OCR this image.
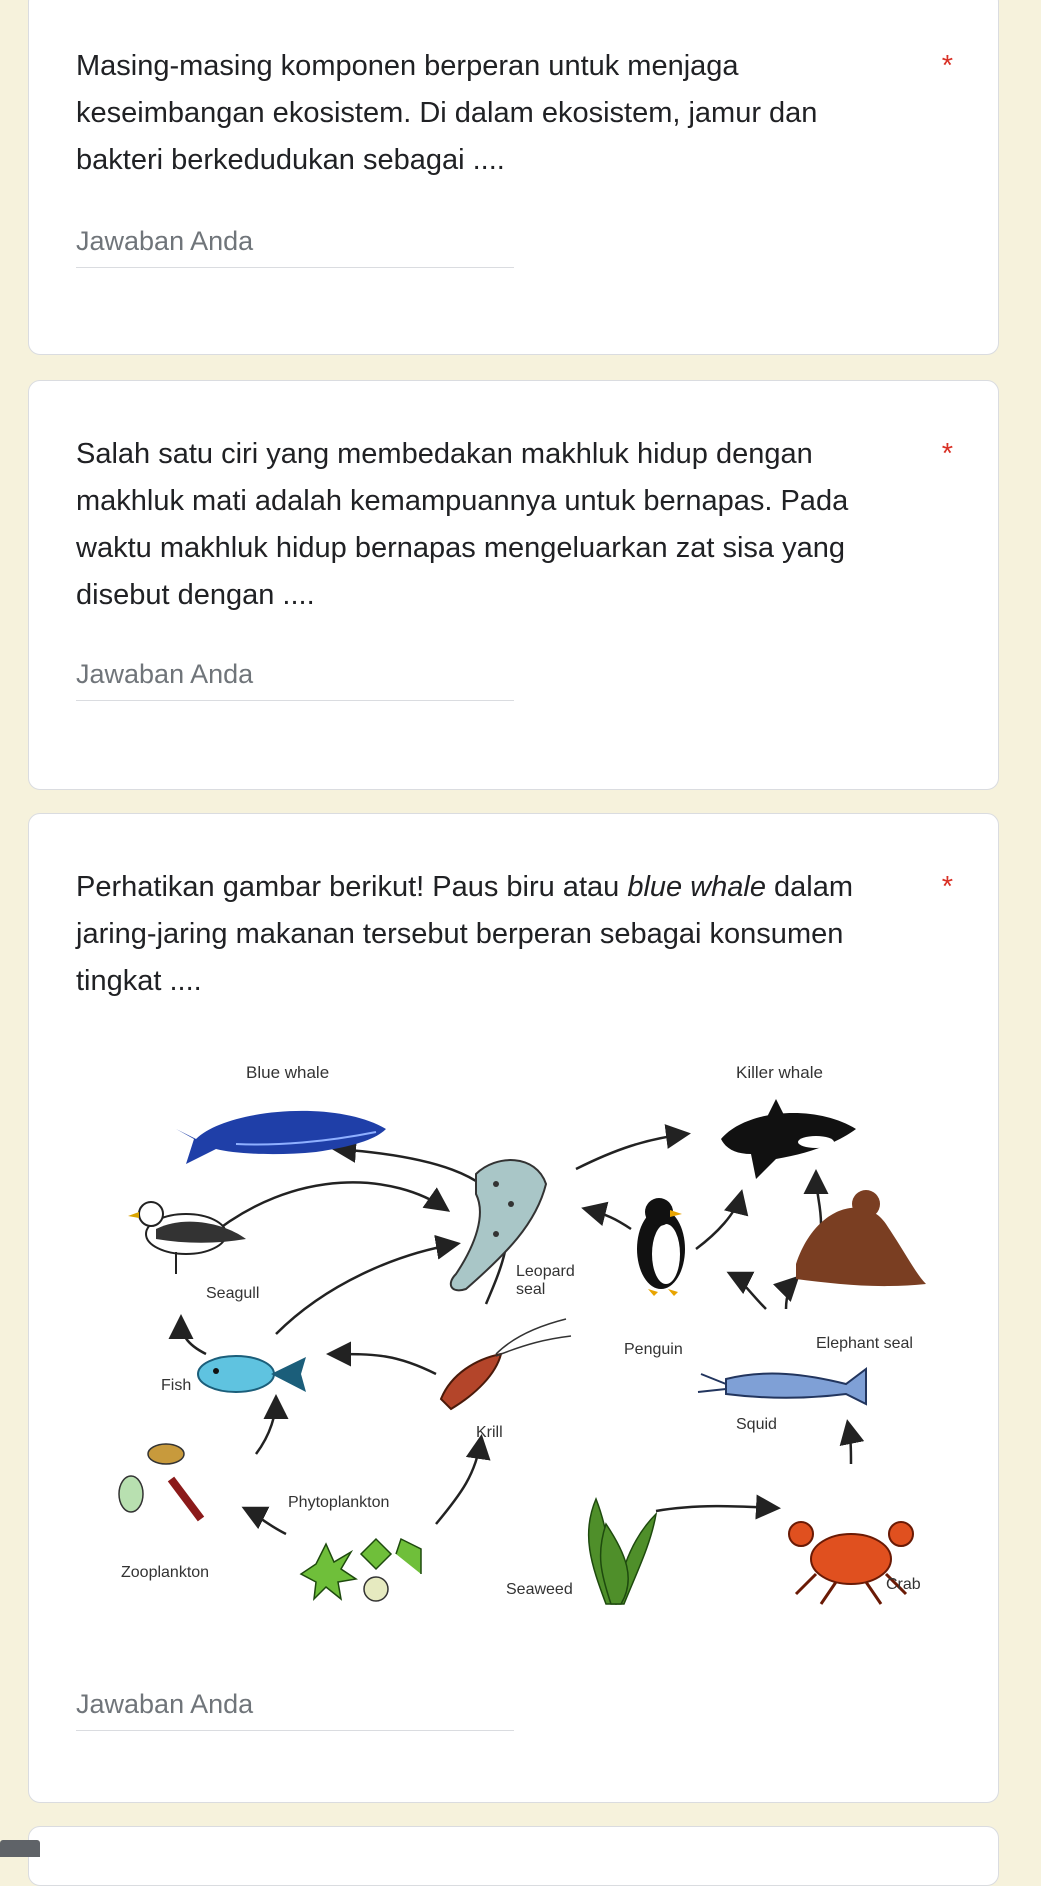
Masing-masing komponen berperan untuk menjaga
keseimbangan ekosistem. Di dalam ekosistem, jamur dan
bakteri berkedudukan sebagai ....
*
Jawaban Anda
Salah satu ciri yang membedakan makhluk hidup dengan
makhluk mati adalah kemampuannya untuk bernapas. Pada
waktu makhluk hidup bernapas mengeluarkan zat sisa yang
disebut dengan ....
*
Jawaban Anda
Perhatikan gambar berikut! Paus biru atau blue whale dalam
jaring-jaring makanan tersebut berperan sebagai konsumen
tingkat ....
*
Blue whale	Killer whale
Seagull
Leopard
seal
Penguin	Elephant seal
Fish
Krill	Squid
Phytoplankton
Zooplankton
Seaweed	Crab
Jawaban Anda
